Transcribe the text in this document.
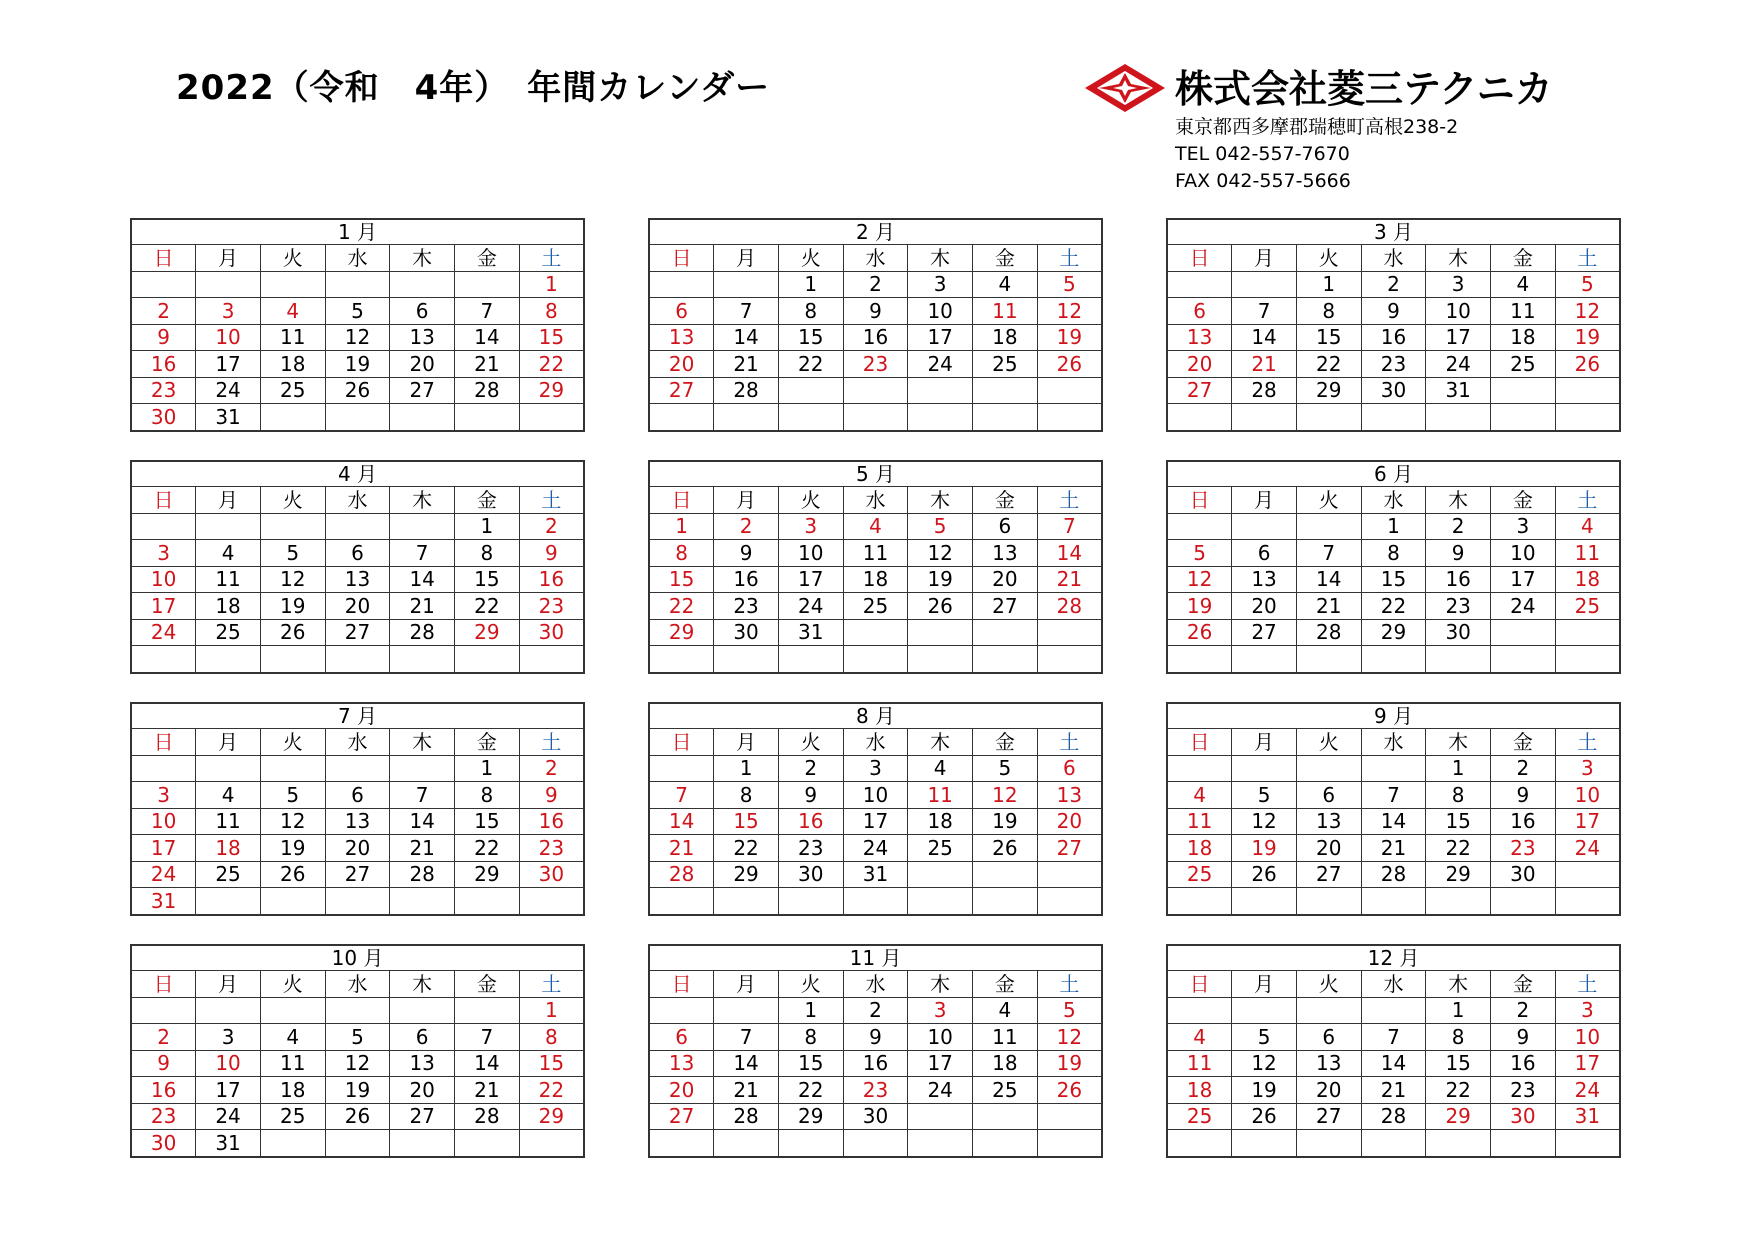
2022（令和　4年）　年間カレンダー	株式会社菱三テクニカ
東京都西多摩郡瑞穂町高根238-2
TEL 042-557-7670
FAX 042-557-5666
1 月						
日	月	火	水	木	金	土
						1
2	3	4	5	6	7	8
9	10	11	12	13	14	15
16	17	18	19	20	21	22
23	24	25	26	27	28	29
30	31					
2 月						
日	月	火	水	木	金	土
		1	2	3	4	5
6	7	8	9	10	11	12
13	14	15	16	17	18	19
20	21	22	23	24	25	26
27	28					

3 月						
日	月	火	水	木	金	土
		1	2	3	4	5
6	7	8	9	10	11	12
13	14	15	16	17	18	19
20	21	22	23	24	25	26
27	28	29	30	31		

4 月						
日	月	火	水	木	金	土
					1	2
3	4	5	6	7	8	9
10	11	12	13	14	15	16
17	18	19	20	21	22	23
24	25	26	27	28	29	30

5 月						
日	月	火	水	木	金	土
1	2	3	4	5	6	7
8	9	10	11	12	13	14
15	16	17	18	19	20	21
22	23	24	25	26	27	28
29	30	31				

6 月						
日	月	火	水	木	金	土
			1	2	3	4
5	6	7	8	9	10	11
12	13	14	15	16	17	18
19	20	21	22	23	24	25
26	27	28	29	30		

7 月						
日	月	火	水	木	金	土
					1	2
3	4	5	6	7	8	9
10	11	12	13	14	15	16
17	18	19	20	21	22	23
24	25	26	27	28	29	30
31						
8 月						
日	月	火	水	木	金	土
	1	2	3	4	5	6
7	8	9	10	11	12	13
14	15	16	17	18	19	20
21	22	23	24	25	26	27
28	29	30	31			

9 月						
日	月	火	水	木	金	土
				1	2	3
4	5	6	7	8	9	10
11	12	13	14	15	16	17
18	19	20	21	22	23	24
25	26	27	28	29	30	

10 月						
日	月	火	水	木	金	土
						1
2	3	4	5	6	7	8
9	10	11	12	13	14	15
16	17	18	19	20	21	22
23	24	25	26	27	28	29
30	31					
11 月						
日	月	火	水	木	金	土
		1	2	3	4	5
6	7	8	9	10	11	12
13	14	15	16	17	18	19
20	21	22	23	24	25	26
27	28	29	30			

12 月						
日	月	火	水	木	金	土
				1	2	3
4	5	6	7	8	9	10
11	12	13	14	15	16	17
18	19	20	21	22	23	24
25	26	27	28	29	30	31
